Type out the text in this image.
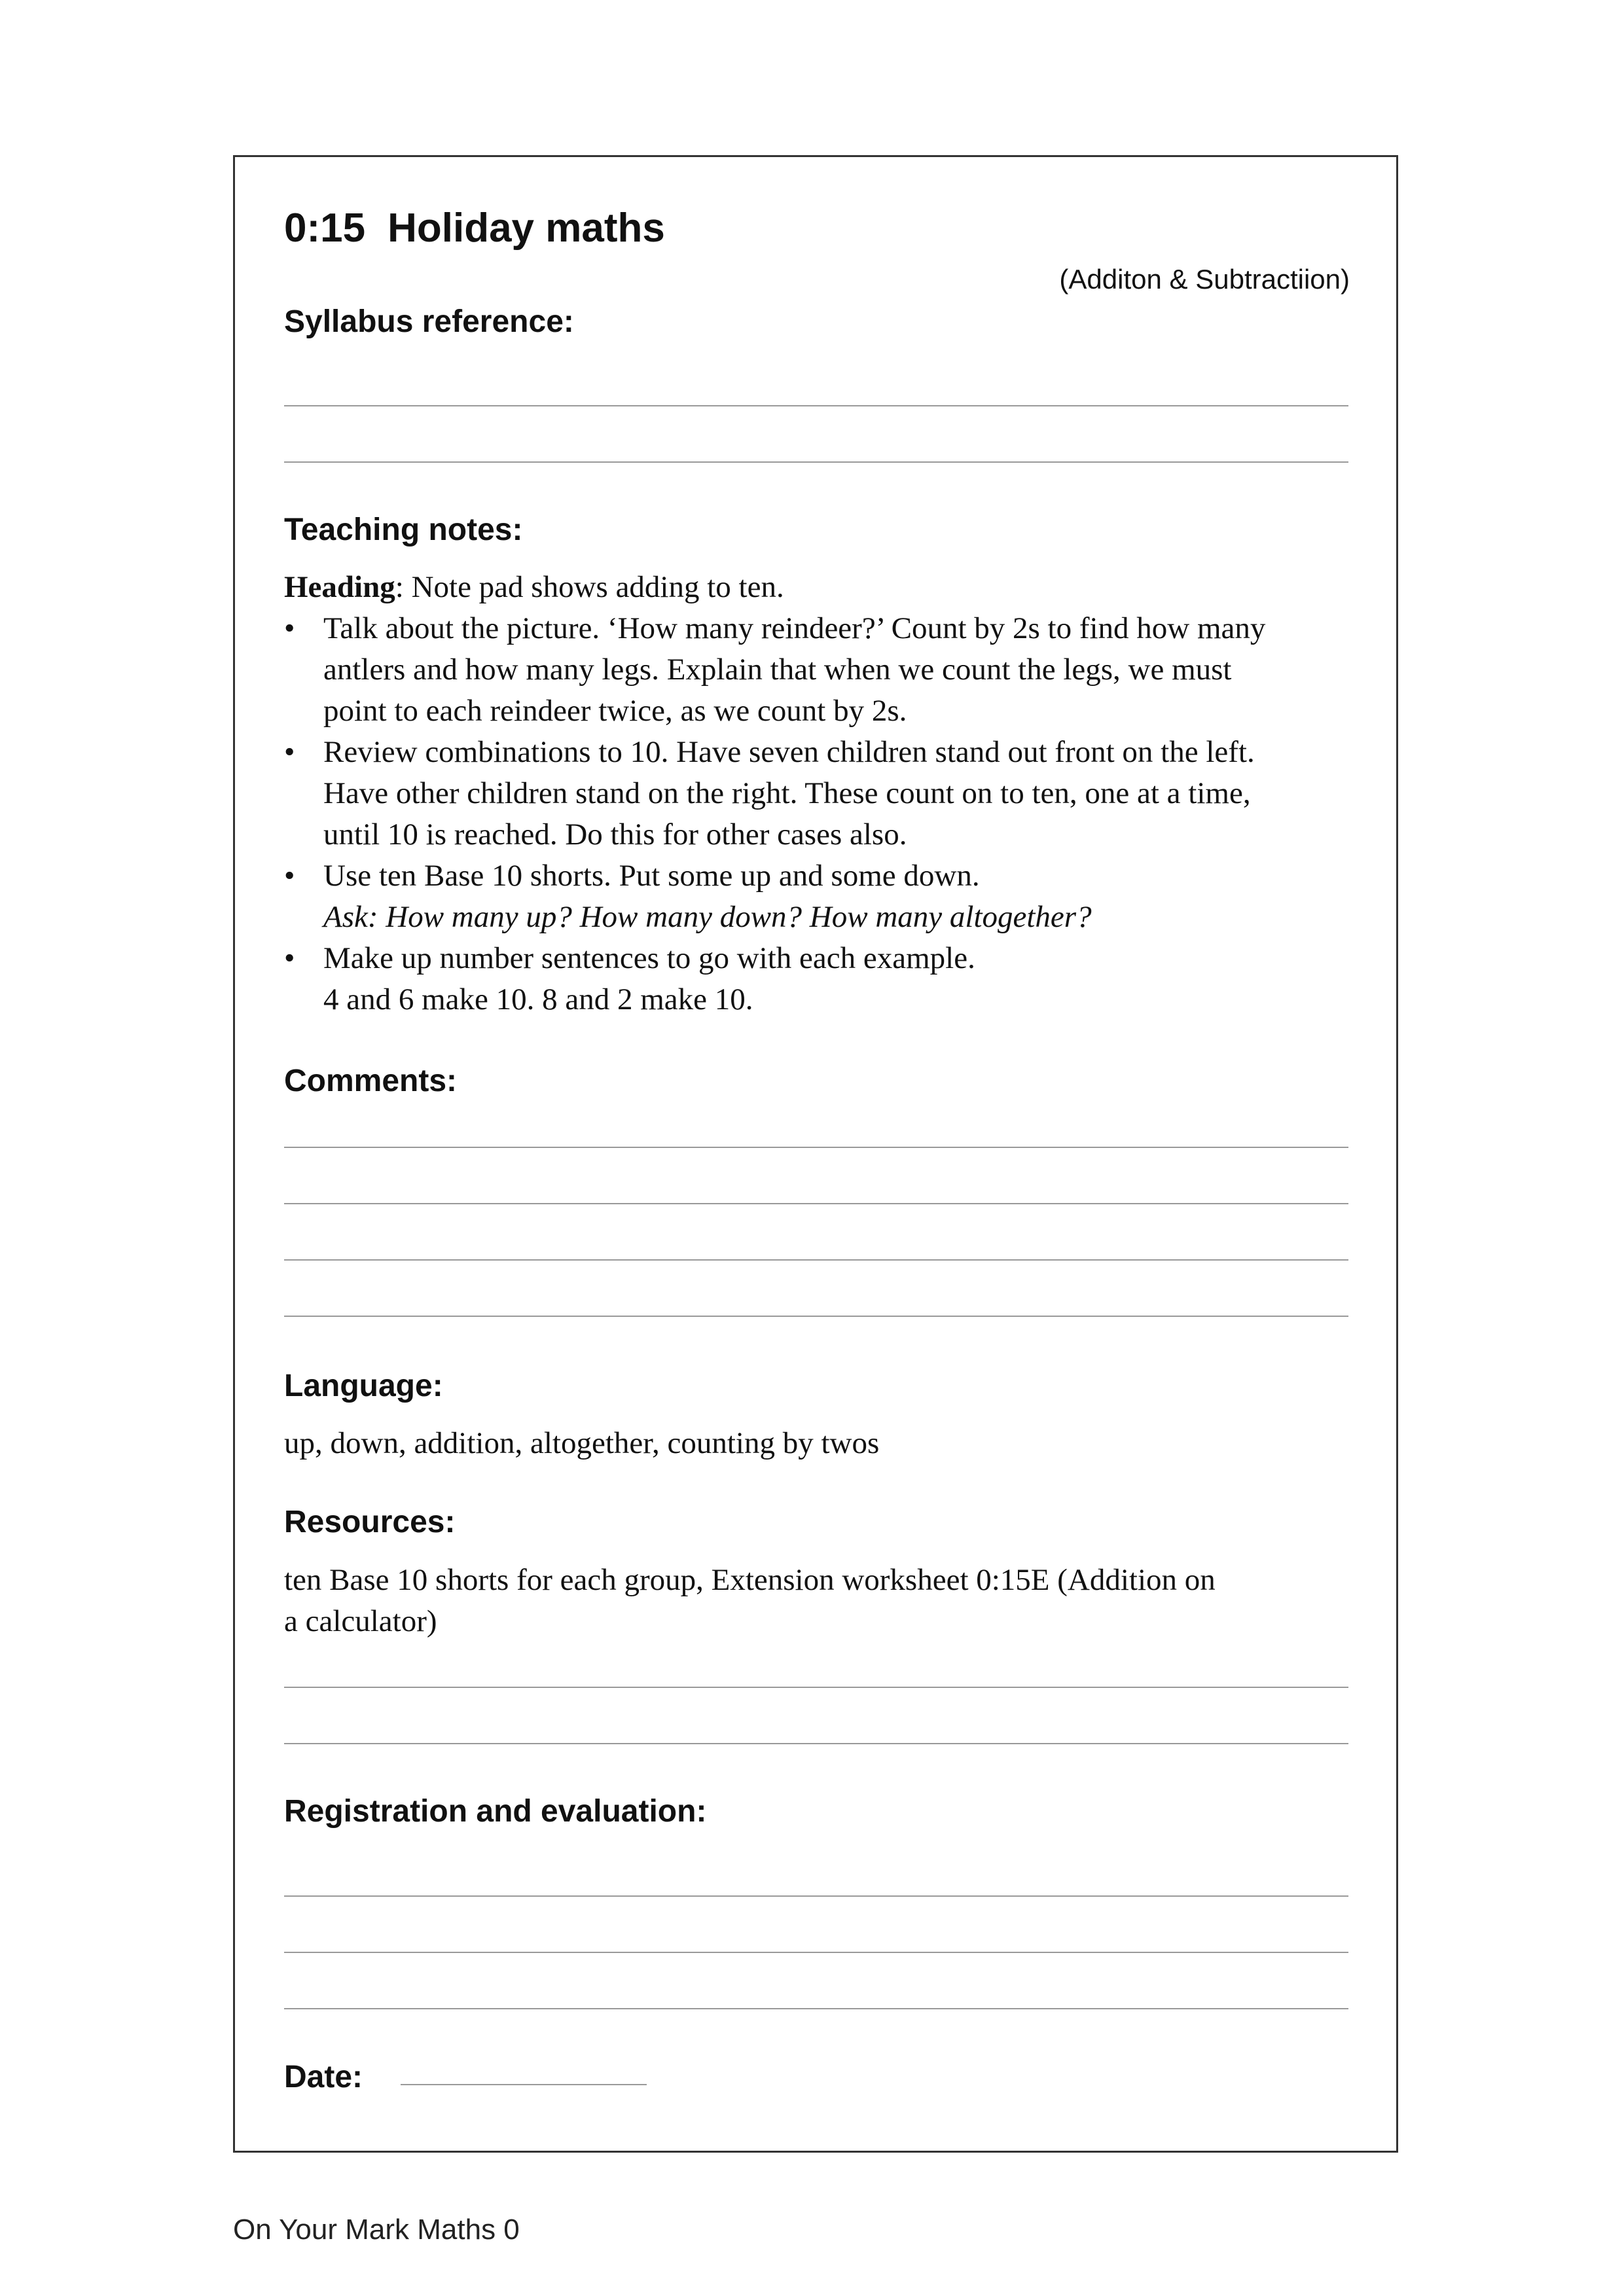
0:15 Holiday maths
(Additon & Subtractiion)
Syllabus reference:
Teaching notes:
Heading: Note pad shows adding to ten.
• Talk about the picture. ‘How many reindeer?’ Count by 2s to find how many
antlers and how many legs. Explain that when we count the legs, we must
point to each reindeer twice, as we count by 2s.
• Review combinations to 10. Have seven children stand out front on the left.
Have other children stand on the right. These count on to ten, one at a time,
until 10 is reached. Do this for other cases also.
• Use ten Base 10 shorts. Put some up and some down.
Ask: How many up? How many down? How many altogether?
• Make up number sentences to go with each example.
4 and 6 make 10. 8 and 2 make 10.
Comments:
Language:
up, down, addition, altogether, counting by twos
Resources:
ten Base 10 shorts for each group, Extension worksheet 0:15E (Addition on
a calculator)
Registration and evaluation:
Date:
On Your Mark Maths 0
